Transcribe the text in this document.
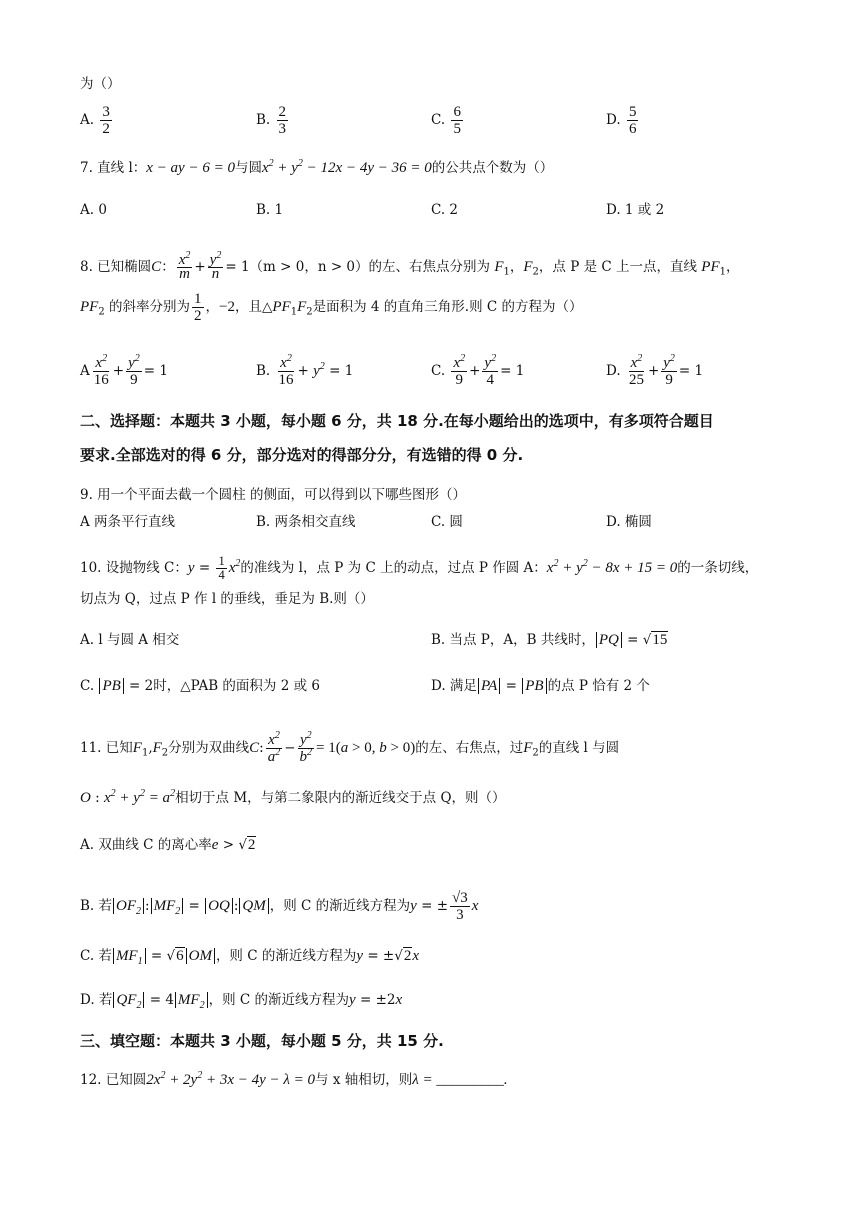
为（）
A. $\frac{3}{2}$	B. $\frac{2}{3}$	C. $\frac{6}{5}$	D. $\frac{5}{6}$
7. 直线 l：x − ay − 6 = 0与圆$x^2 + y^2 - 12x - 4y - 36 = 0$的公共点个数为（）
A. 0	B. 1	C. 2	D. 1 或 2
8. 已知椭圆C： $\frac{x^2}{m} + \frac{y^2}{n} = 1(m > 0$，n > 0）的左、右焦点分别为 $F_1$，$F_2$，点 P 是 C 上一点，直线 $PF_1$，
$PF_2$ 的斜率分别为 $\frac{1}{2}$ ，−2，且$\triangle PF_1F_2$是面积为 4 的直角三角形.则 C 的方程为（）
A $\frac{x^2}{16} + \frac{y^2}{9} = 1$	B. $\frac{x^2}{16} + y^2 = 1$	C. $\frac{x^2}{9} + \frac{y^2}{4} = 1$	D. $\frac{x^2}{25} + \frac{y^2}{9} = 1$
二、选择题：本题共 3 小题，每小题 6 分，共 18 分.在每小题给出的选项中，有多项符合题目
要求.全部选对的得 6 分，部分选对的得部分分，有选错的得 0 分.
9. 用一个平面去截一个圆柱 的侧面，可以得到以下哪些图形（）
A 两条平行直线	B. 两条相交直线	C. 圆	D. 椭圆
10. 设抛物线 C：$y = \frac{1}{4} x^2$的准线为 l，点 P 为 C 上的动点，过点 P 作圆 A：$x^2 + y^2 - 8x + 15 = 0$的一条切线，
切点为 Q，过点 P 作 l 的垂线，垂足为 B.则（）
A. l 与圆 A 相交	B. 当点 P，A，B 共线时， PQ = √15
C. PB = 2时，△PAB 的面积为 2 或 6	D. 满足 PA = PB 的点 P 恰有 2 个
11. 已知$F_1,F_2$分别为双曲线C: $\frac{x^2}{a^2} - \frac{y^2}{b^2} = 1(a > 0$, b > 0)的左、右焦点，过$F_2$的直线 l 与圆
O : $x^2 + y^2 = a^2$相切于点 M，与第二象限内的渐近线交于点 Q，则（）
A. 双曲线 C 的离心率e > √2
B. 若 $OF_2$ : $MF_2$ = OQ : QM ，则 C 的渐近线方程为y = ± $\frac{√3}{3}$ x
C. 若 $MF_1 = √6$ OM ，则 C 的渐近线方程为y = ±√2x
D. 若 $QF_2 = 4$ $MF_2$ ，则 C 的渐近线方程为y = ±2x
三、填空题：本题共 3 小题，每小题 5 分，共 15 分.
12. 已知圆$2x^2 + 2y^2 + 3x - 4y - \lambda = 0$与 x 轴相切，则λ = _________.
